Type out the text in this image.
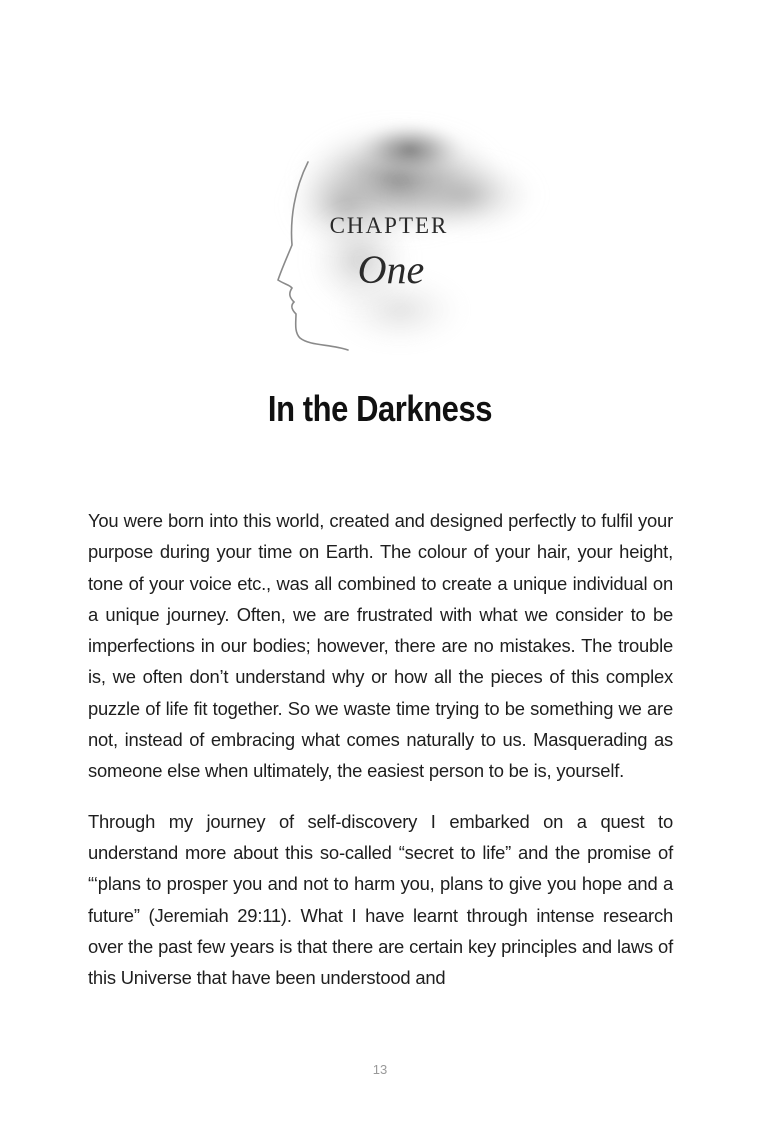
CHAPTER
One
In the Darkness

You were born into this world, created and designed perfectly to fulfil your purpose during your time on Earth. The colour of your hair, your height, tone of your voice etc., was all combined to create a unique individual on a unique journey. Often, we are frustrated with what we consider to be imperfections in our bodies; however, there are no mistakes. The trouble is, we often don’t understand why or how all the pieces of this complex puzzle of life fit together. So we waste time trying to be something we are not, instead of embracing what comes naturally to us. Masquerading as someone else when ultimately, the easiest person to be is, yourself.

Through my journey of self-discovery I embarked on a quest to understand more about this so-called “secret to life” and the promise of “‘plans to prosper you and not to harm you, plans to give you hope and a future” (Jeremiah 29:11). What I have learnt through intense research over the past few years is that there are certain key principles and laws of this Universe that have been understood and

13
